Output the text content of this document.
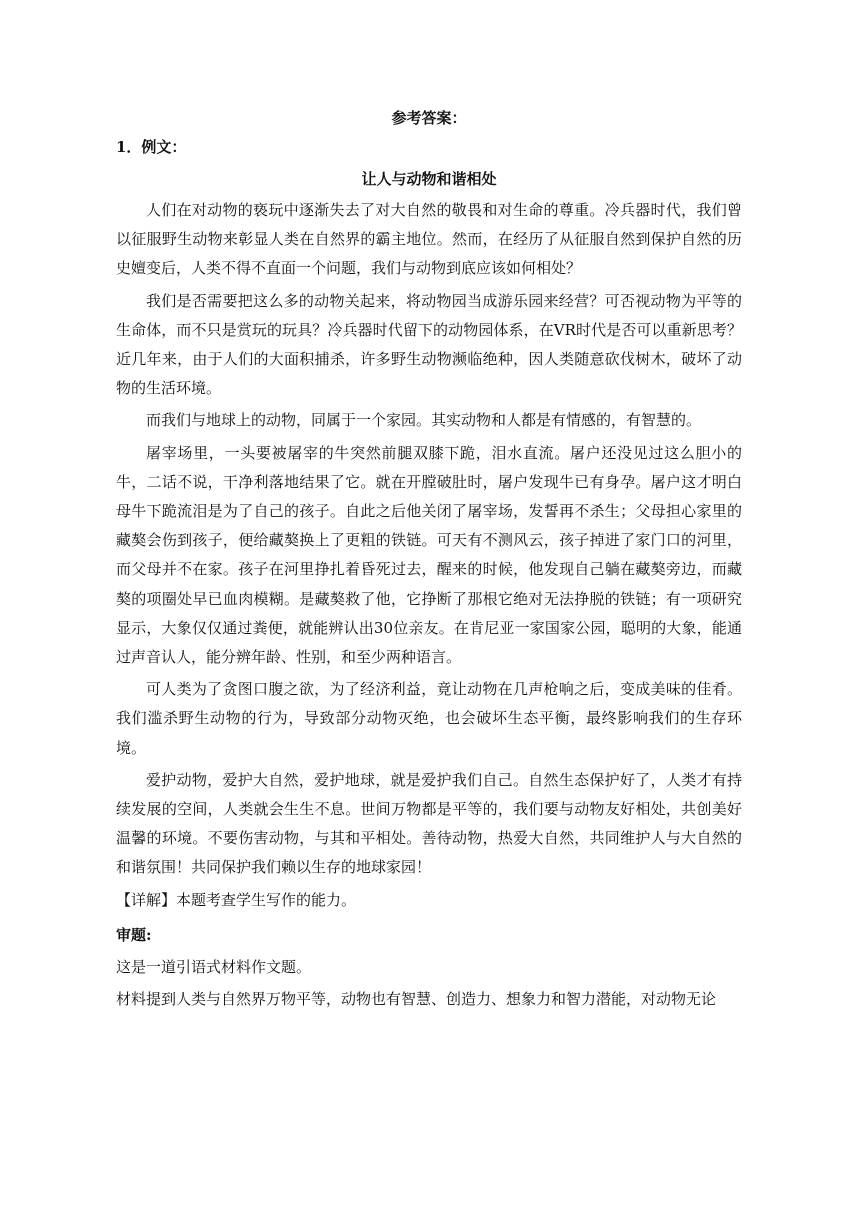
参考答案：
1．例文：
让人与动物和谐相处

人们在对动物的亵玩中逐渐失去了对大自然的敬畏和对生命的尊重。冷兵器时代，我们曾以征服野生动物来彰显人类在自然界的霸主地位。然而，在经历了从征服自然到保护自然的历史嬗变后，人类不得不直面一个问题，我们与动物到底应该如何相处？

我们是否需要把这么多的动物关起来，将动物园当成游乐园来经营？可否视动物为平等的生命体，而不只是赏玩的玩具？冷兵器时代留下的动物园体系，在VR时代是否可以重新思考？近几年来，由于人们的大面积捕杀，许多野生动物濒临绝种，因人类随意砍伐树木，破坏了动物的生活环境。

而我们与地球上的动物，同属于一个家园。其实动物和人都是有情感的，有智慧的。

屠宰场里，一头要被屠宰的牛突然前腿双膝下跪，泪水直流。屠户还没见过这么胆小的牛，二话不说，干净利落地结果了它。就在开膛破肚时，屠户发现牛已有身孕。屠户这才明白母牛下跪流泪是为了自己的孩子。自此之后他关闭了屠宰场，发誓再不杀生；父母担心家里的藏獒会伤到孩子，便给藏獒换上了更粗的铁链。可天有不测风云，孩子掉进了家门口的河里，而父母并不在家。孩子在河里挣扎着昏死过去，醒来的时候，他发现自己躺在藏獒旁边，而藏獒的项圈处早已血肉模糊。是藏獒救了他，它挣断了那根它绝对无法挣脱的铁链；有一项研究显示，大象仅仅通过粪便，就能辨认出30位亲友。在肯尼亚一家国家公园，聪明的大象，能通过声音认人，能分辨年龄、性别，和至少两种语言。

可人类为了贪图口腹之欲，为了经济利益，竟让动物在几声枪响之后，变成美味的佳肴。我们滥杀野生动物的行为，导致部分动物灭绝，也会破坏生态平衡，最终影响我们的生存环境。

爱护动物，爱护大自然，爱护地球，就是爱护我们自己。自然生态保护好了，人类才有持续发展的空间，人类就会生生不息。世间万物都是平等的，我们要与动物友好相处，共创美好温馨的环境。不要伤害动物，与其和平相处。善待动物，热爱大自然，共同维护人与大自然的和谐氛围！共同保护我们赖以生存的地球家园！

【详解】本题考查学生写作的能力。

审题:

这是一道引语式材料作文题。

材料提到人类与自然界万物平等，动物也有智慧、创造力、想象力和智力潜能，对动物无论
